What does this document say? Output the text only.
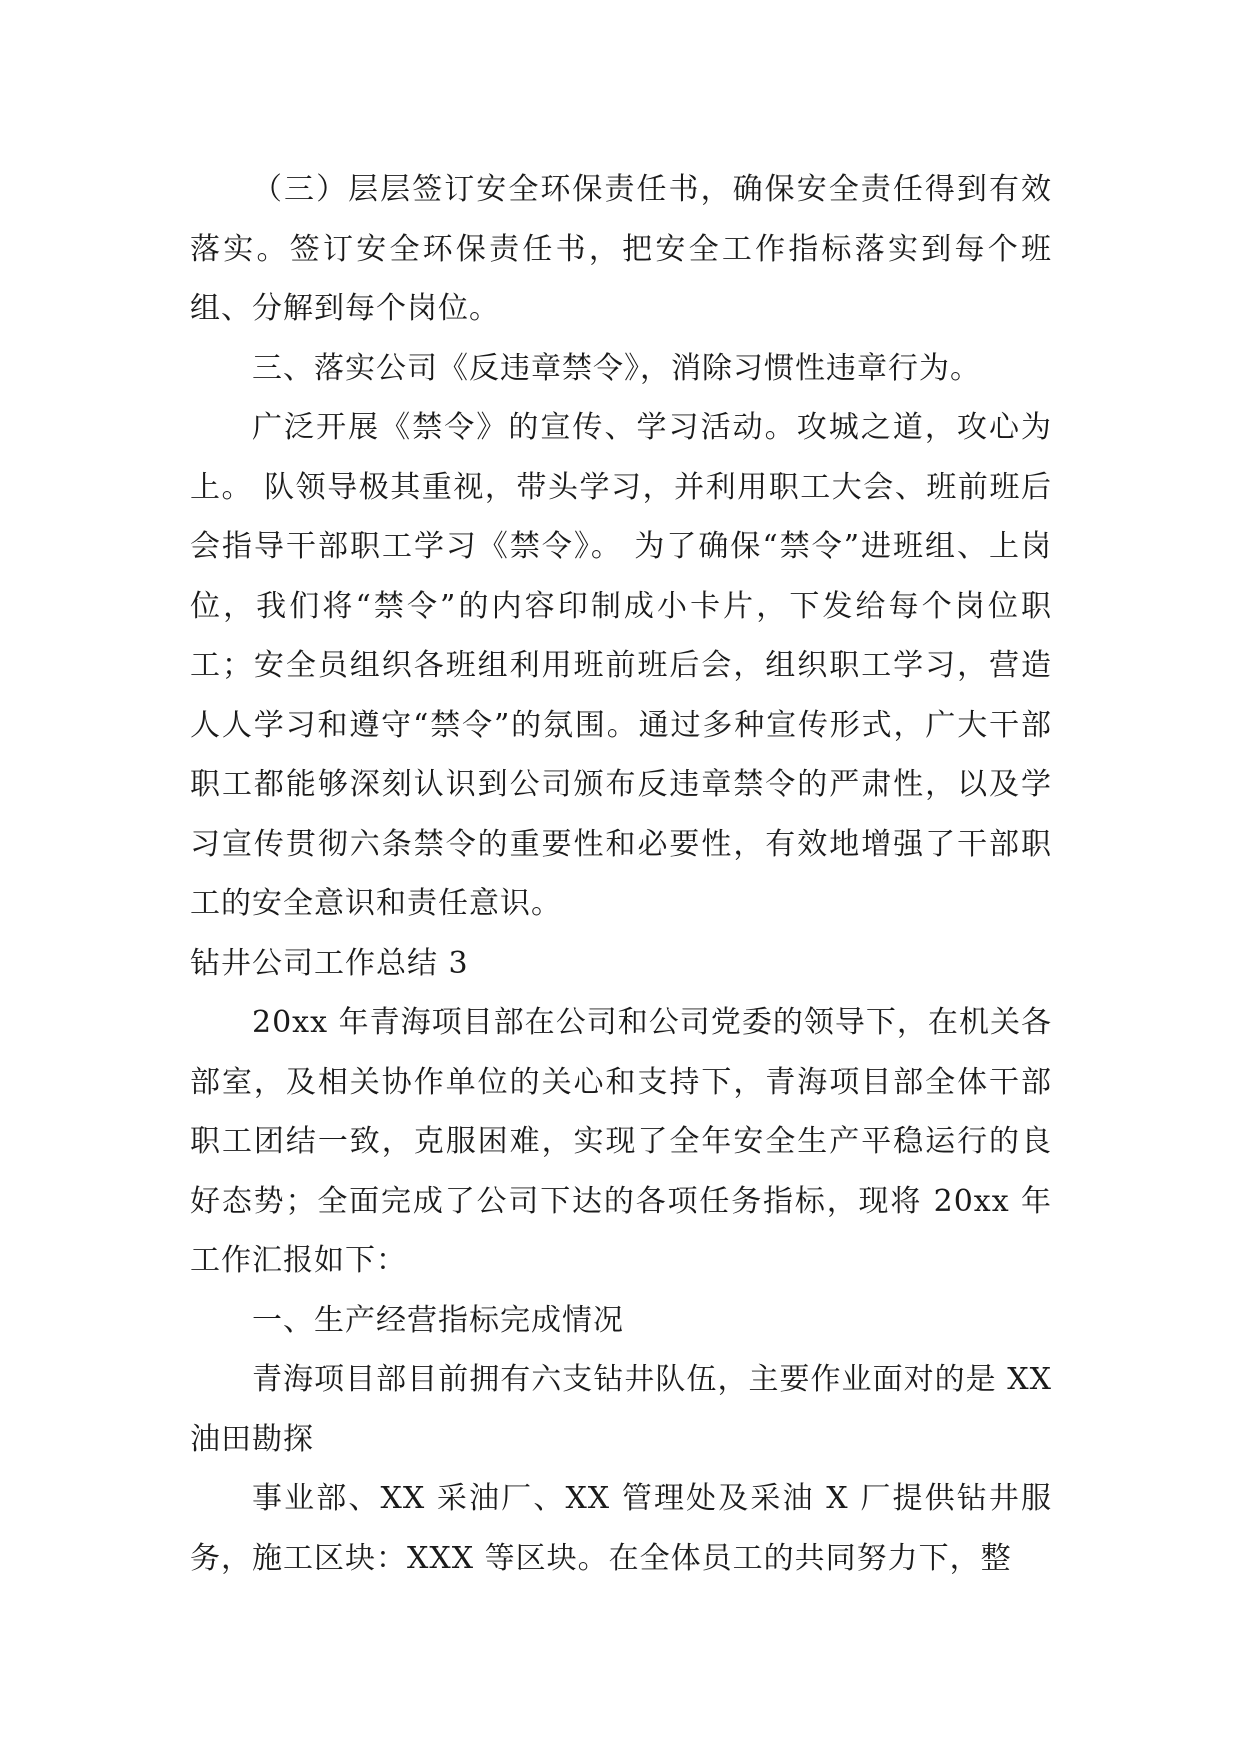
（三）层层签订安全环保责任书，确保安全责任得到有效落实。签订安全环保责任书，把安全工作指标落实到每个班组、分解到每个岗位。

三、落实公司《反违章禁令》，消除习惯性违章行为。

广泛开展《禁令》的宣传、学习活动。攻城之道，攻心为上。 队领导极其重视，带头学习，并利用职工大会、班前班后会指导干部职工学习《禁令》。 为了确保“禁令”进班组、上岗位，我们将“禁令”的内容印制成小卡片，下发给每个岗位职工；安全员组织各班组利用班前班后会，组织职工学习，营造人人学习和遵守“禁令”的氛围。通过多种宣传形式，广大干部职工都能够深刻认识到公司颁布反违章禁令的严肃性，以及学习宣传贯彻六条禁令的重要性和必要性，有效地增强了干部职工的安全意识和责任意识。

钻井公司工作总结 3

20xx 年青海项目部在公司和公司党委的领导下，在机关各部室，及相关协作单位的关心和支持下，青海项目部全体干部职工团结一致，克服困难，实现了全年安全生产平稳运行的良好态势；全面完成了公司下达的各项任务指标，现将 20xx 年工作汇报如下：

一、生产经营指标完成情况

青海项目部目前拥有六支钻井队伍，主要作业面对的是 XX 油田勘探

事业部、XX 采油厂、XX 管理处及采油 X 厂提供钻井服务，施工区块：XXX 等区块。在全体员工的共同努力下，整
